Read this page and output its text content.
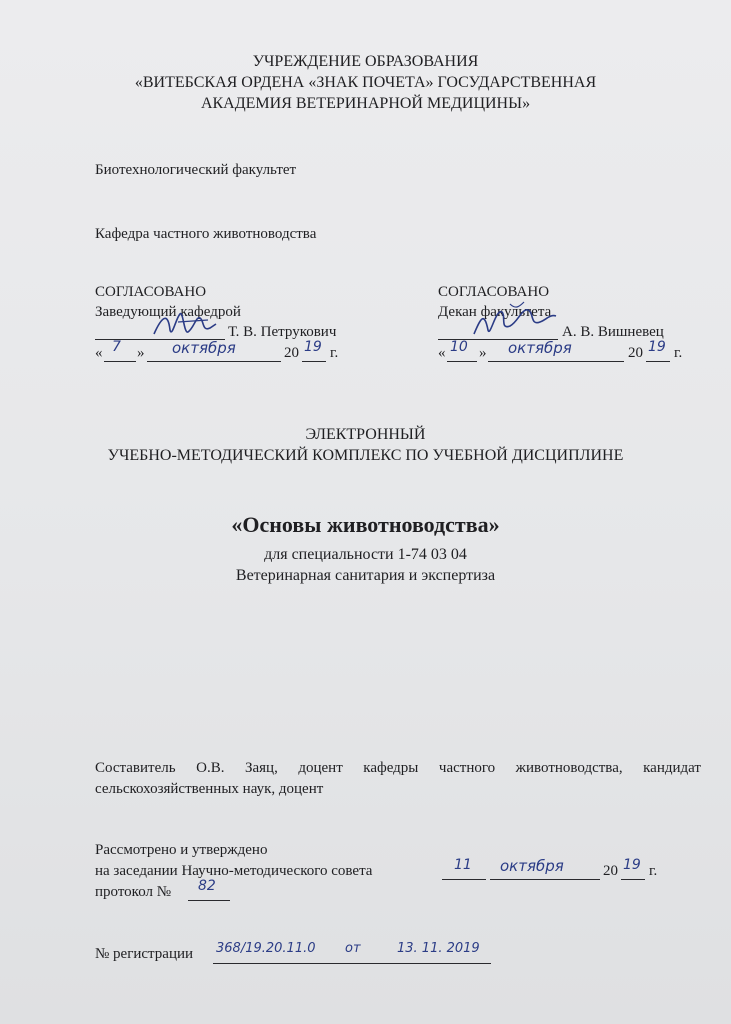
УЧРЕЖДЕНИЕ ОБРАЗОВАНИЯ
«ВИТЕБСКАЯ ОРДЕНА «ЗНАК ПОЧЕТА» ГОСУДАРСТВЕННАЯ
АКАДЕМИЯ ВЕТЕРИНАРНОЙ МЕДИЦИНЫ»
Биотехнологический факультет
Кафедра частного животноводства
СОГЛАСОВАНО
Заведующий кафедрой
Т. В. Петрукович
« 7 » октября	20 19 г.
СОГЛАСОВАНО
Декан факультета
А. В. Вишневец
« 10 » октября	20 19 г.
ЭЛЕКТРОННЫЙ
УЧЕБНО-МЕТОДИЧЕСКИЙ КОМПЛЕКС ПО УЧЕБНОЙ ДИСЦИПЛИНЕ
«Основы животноводства»
для специальности 1-74 03 04
Ветеринарная санитария и экспертиза
Составитель О.В. Заяц, доцент кафедры частного животноводства, кандидат
сельскохозяйственных наук, доцент
Рассмотрено и утверждено
на заседании Научно-методического совета	11 октября	20 19 г.
протокол № 82
№ регистрации 368/19.20.11.0 от	13. 11. 2019
